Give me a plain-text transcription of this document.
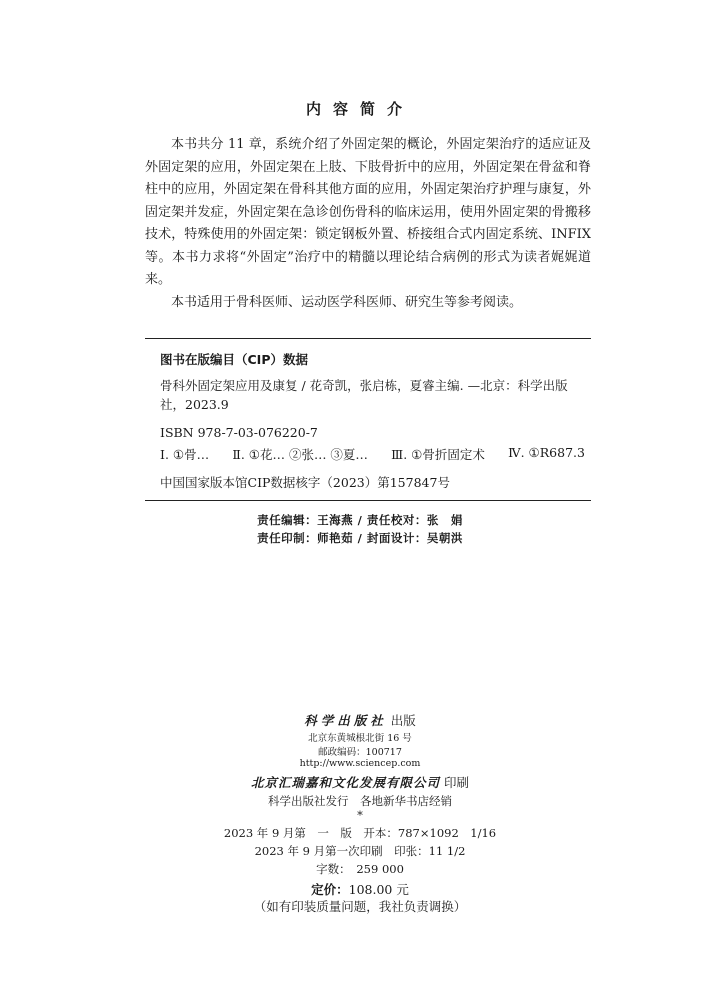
内容简介

本书共分 11 章，系统介绍了外固定架的概论，外固定架治疗的适应证及外固定架的应用，外固定架在上肢、下肢骨折中的应用，外固定架在骨盆和脊柱中的应用，外固定架在骨科其他方面的应用，外固定架治疗护理与康复，外固定架并发症，外固定架在急诊创伤骨科的临床运用，使用外固定架的骨搬移技术，特殊使用的外固定架：锁定钢板外置、桥接组合式内固定系统、INFIX 等。本书力求将“外固定”治疗中的精髓以理论结合病例的形式为读者娓娓道来。

本书适用于骨科医师、运动医学科医师、研究生等参考阅读。

图书在版编目（CIP）数据
骨科外固定架应用及康复 / 花奇凯，张启栋，夏睿主编. —北京：科学出版社，2023.9
ISBN 978-7-03-076220-7
Ⅰ. ①骨… Ⅱ. ①花… ②张… ③夏… Ⅲ. ①骨折固定术 Ⅳ. ①R687.3
中国国家版本馆CIP数据核字（2023）第157847号
责任编辑：王海燕 / 责任校对：张　娟
责任印制：师艳茹 / 封面设计：吴朝洪
科学出版社 出版
北京东黄城根北街 16 号
邮政编码：100717
http://www.sciencep.com
北京汇瑞嘉和文化发展有限公司 印刷
科学出版社发行　各地新华书店经销
*
2023 年 9 月第　一　版　开本：787×1092　1/16
2023 年 9 月第一次印刷　印张：11 1/2
字数：　259 000
定价：108.00 元
（如有印装质量问题，我社负责调换）
